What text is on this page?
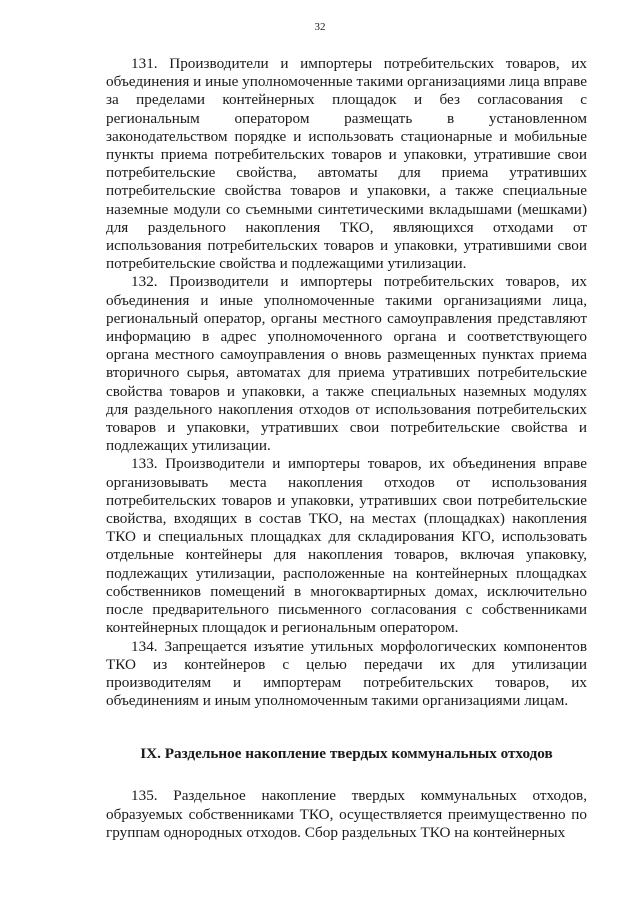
32

131. Производители и импортеры потребительских товаров, их объединения и иные уполномоченные такими организациями лица вправе за пределами контейнерных площадок и без согласования с региональным оператором размещать в установленном законодательством порядке и использовать стационарные и мобильные пункты приема потребительских товаров и упаковки, утратившие свои потребительские свойства, автоматы для приема утративших потребительские свойства товаров и упаковки, а также специальные наземные модули со съемными синтетическими вкладышами (мешками) для раздельного накопления ТКО, являющихся отходами от использования потребительских товаров и упаковки, утратившими свои потребительские свойства и подлежащими утилизации.

132. Производители и импортеры потребительских товаров, их объединения и иные уполномоченные такими организациями лица, региональный оператор, органы местного самоуправления представляют информацию в адрес уполномоченного органа и соответствующего органа местного самоуправления о вновь размещенных пунктах приема вторичного сырья, автоматах для приема утративших потребительские свойства товаров и упаковки, а также специальных наземных модулях для раздельного накопления отходов от использования потребительских товаров и упаковки, утративших свои потребительские свойства и подлежащих утилизации.

133. Производители и импортеры товаров, их объединения вправе организовывать места накопления отходов от использования потребительских товаров и упаковки, утративших свои потребительские свойства, входящих в состав ТКО, на местах (площадках) накопления ТКО и специальных площадках для складирования КГО, использовать отдельные контейнеры для накопления товаров, включая упаковку, подлежащих утилизации, расположенные на контейнерных площадках собственников помещений в многоквартирных домах, исключительно после предварительного письменного согласования с собственниками контейнерных площадок и региональным оператором.

134. Запрещается изъятие утильных морфологических компонентов ТКО из контейнеров с целью передачи их для утилизации производителям и импортерам потребительских товаров, их объединениям и иным уполномоченным такими организациями лицам.

IX. Раздельное накопление твердых коммунальных отходов

135. Раздельное накопление твердых коммунальных отходов, образуемых собственниками ТКО, осуществляется преимущественно по группам однородных отходов. Сбор раздельных ТКО на контейнерных
